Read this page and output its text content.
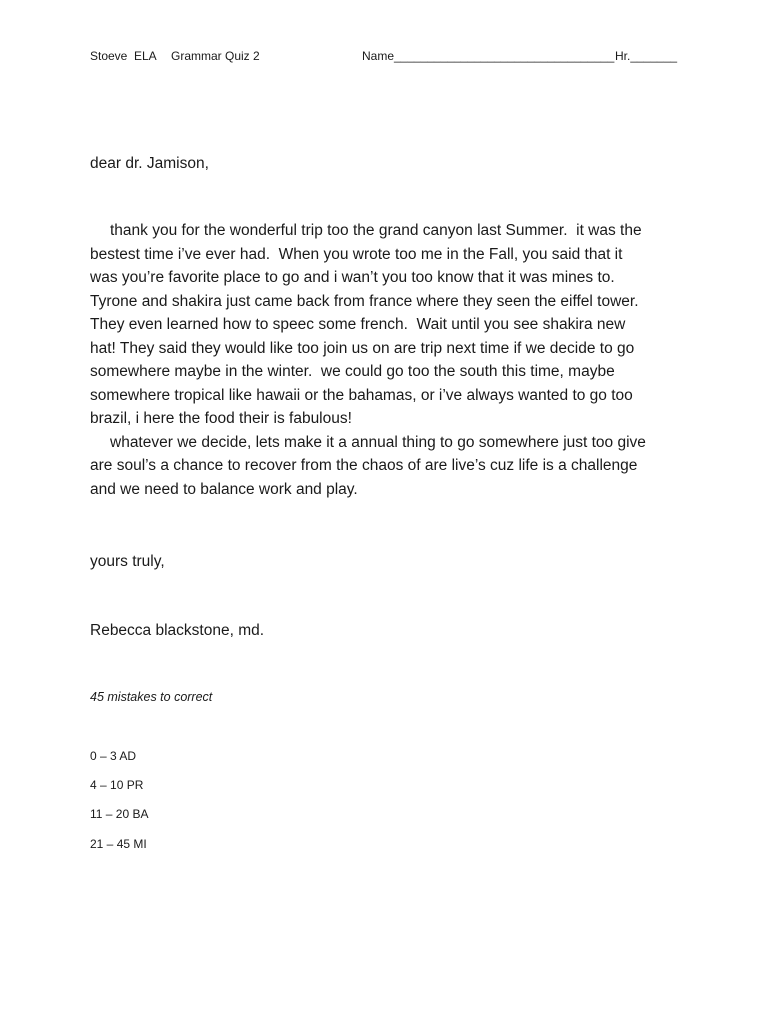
Stoeve ELA Grammar Quiz 2	Name_________________________________ Hr._______
dear dr. Jamison,

thank you for the wonderful trip too the grand canyon last Summer.  it was the
bestest time i’ve ever had.  When you wrote too me in the Fall, you said that it
was you’re favorite place to go and i wan’t you too know that it was mines to.
Tyrone and shakira just came back from france where they seen the eiffel tower.
They even learned how to speec some french.  Wait until you see shakira new
hat! They said they would like too join us on are trip next time if we decide to go
somewhere maybe in the winter.  we could go too the south this time, maybe
somewhere tropical like hawaii or the bahamas, or i’ve always wanted to go too
brazil, i here the food their is fabulous!

whatever we decide, lets make it a annual thing to go somewhere just too give
are soul’s a chance to recover from the chaos of are live’s cuz life is a challenge
and we need to balance work and play.

yours truly,
Rebecca blackstone, md.
45 mistakes to correct
0 – 3 AD
4 – 10 PR
11 – 20 BA
21 – 45 MI
